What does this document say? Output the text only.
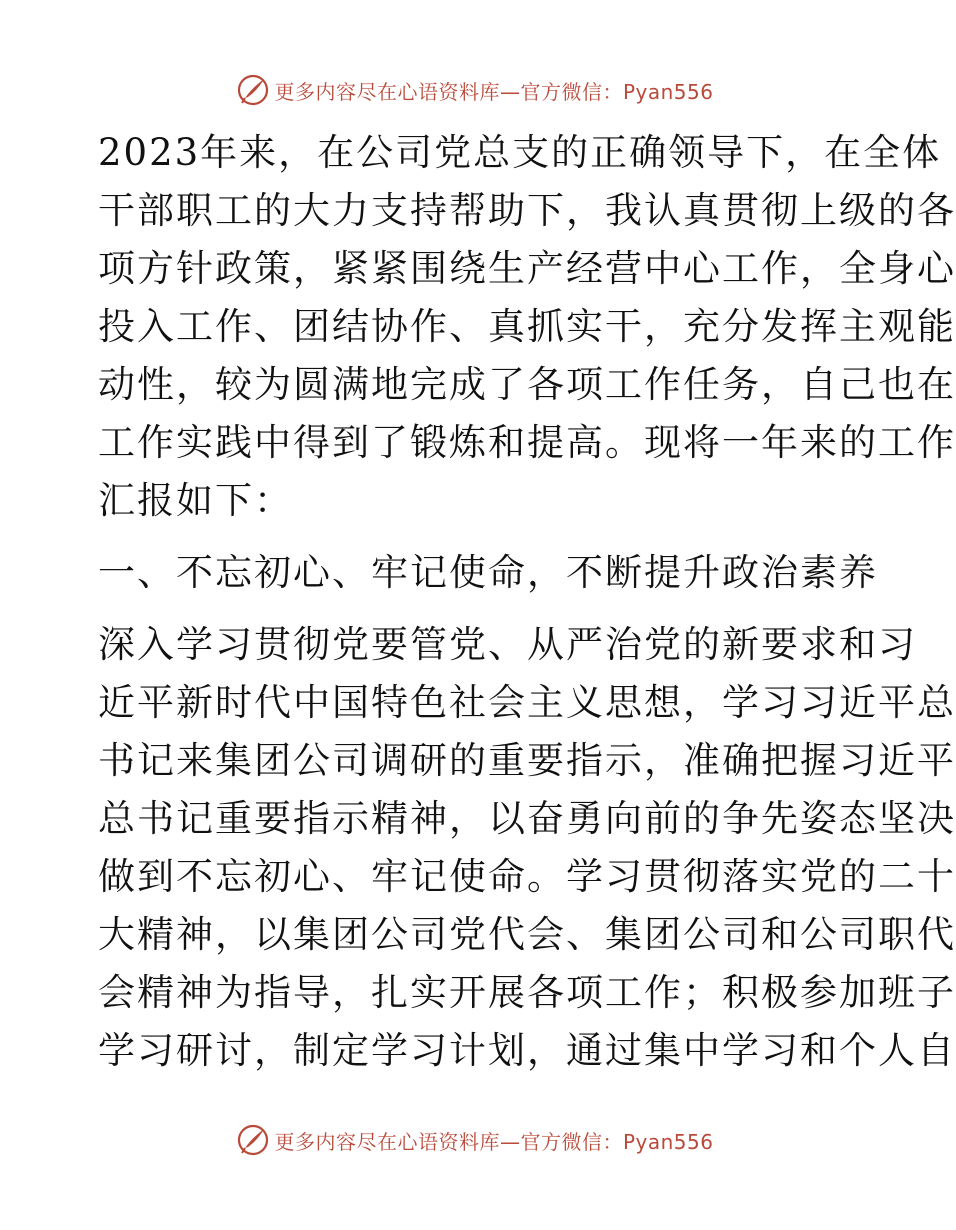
更多内容尽在心语资料库—官方微信：Pyan556
2023年来，在公司党总支的正确领导下，在全体
干部职工的大力支持帮助下，我认真贯彻上级的各
项方针政策，紧紧围绕生产经营中心工作，全身心
投入工作、团结协作、真抓实干，充分发挥主观能
动性，较为圆满地完成了各项工作任务，自己也在
工作实践中得到了锻炼和提高。现将一年来的工作
汇报如下：
一、不忘初心、牢记使命，不断提升政治素养
深入学习贯彻党要管党、从严治党的新要求和习
近平新时代中国特色社会主义思想，学习习近平总
书记来集团公司调研的重要指示，准确把握习近平
总书记重要指示精神，以奋勇向前的争先姿态坚决
做到不忘初心、牢记使命。学习贯彻落实党的二十
大精神，以集团公司党代会、集团公司和公司职代
会精神为指导，扎实开展各项工作；积极参加班子
学习研讨，制定学习计划，通过集中学习和个人自
更多内容尽在心语资料库—官方微信：Pyan556
